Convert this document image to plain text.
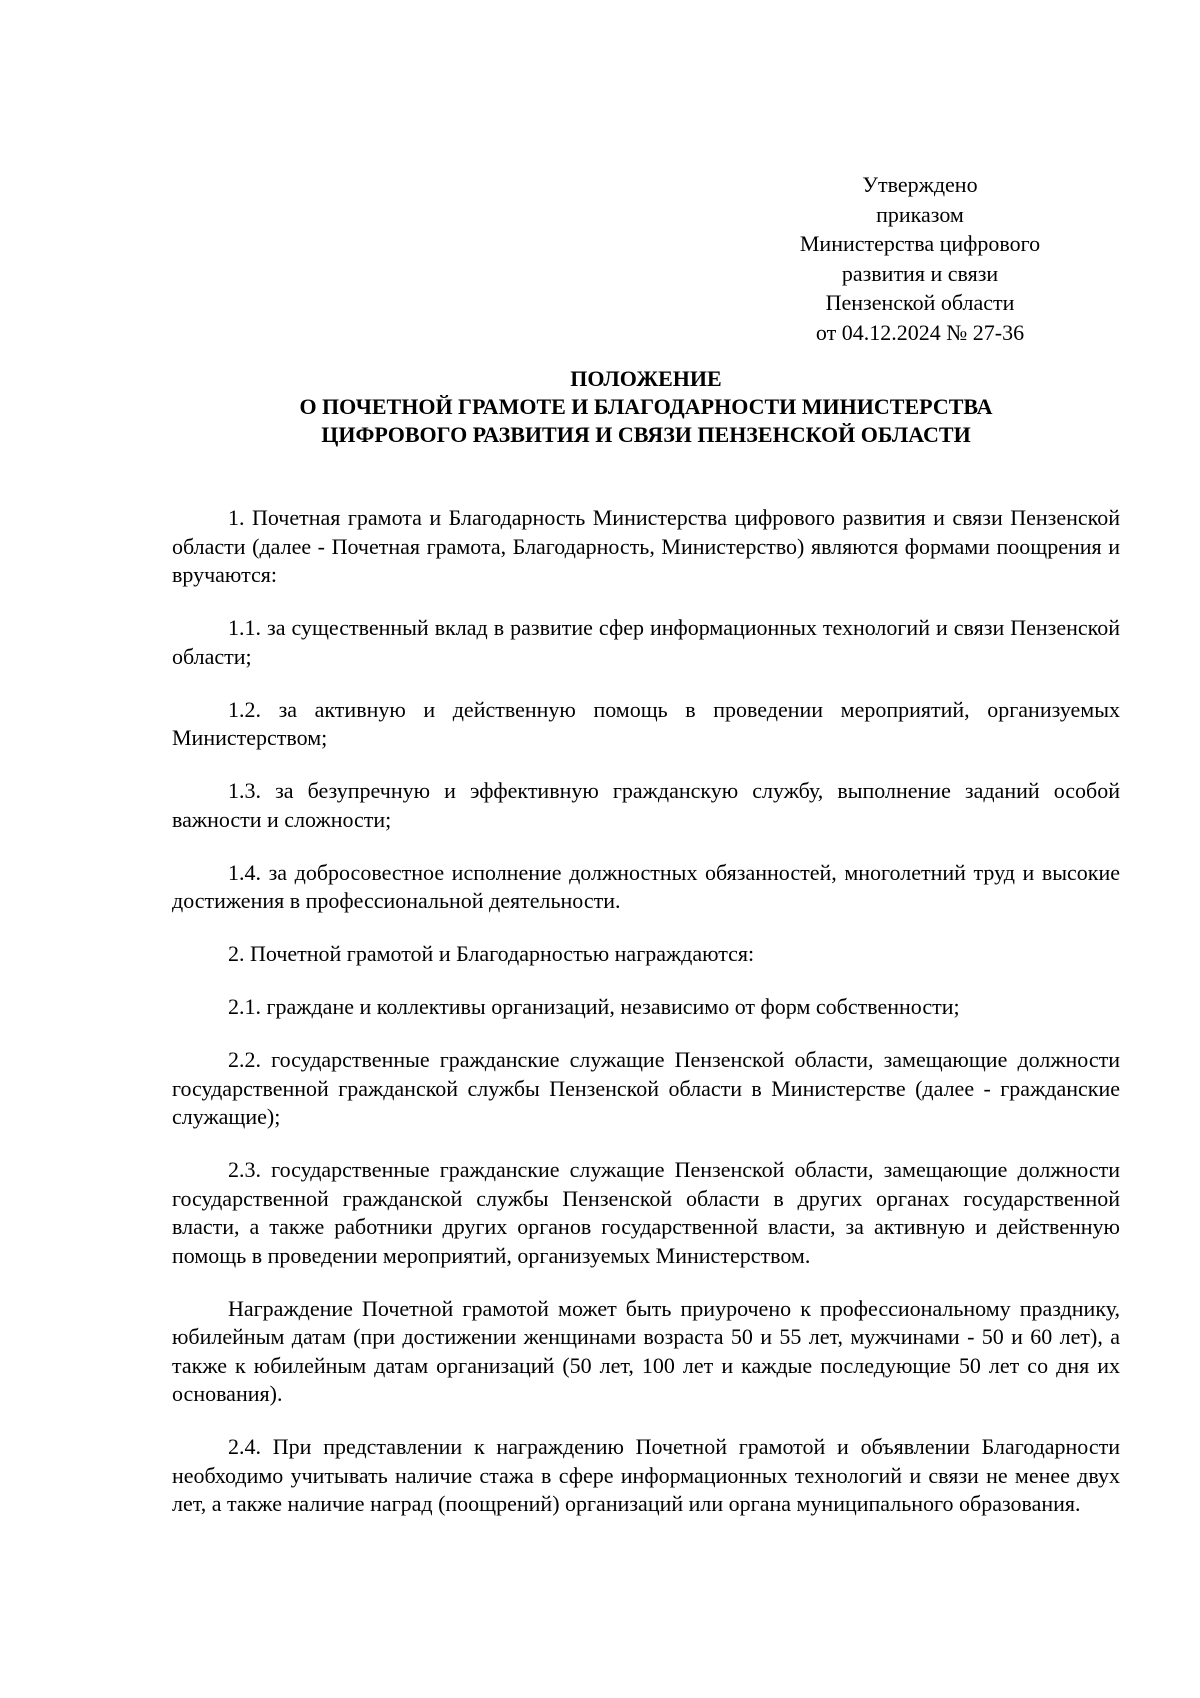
Утверждено
приказом
Министерства цифрового
развития и связи
Пензенской области
от 04.12.2024 № 27-36
ПОЛОЖЕНИЕ
О ПОЧЕТНОЙ ГРАМОТЕ И БЛАГОДАРНОСТИ МИНИСТЕРСТВА
ЦИФРОВОГО РАЗВИТИЯ И СВЯЗИ ПЕНЗЕНСКОЙ ОБЛАСТИ

1. Почетная грамота и Благодарность Министерства цифрового развития и связи Пензенской области (далее - Почетная грамота, Благодарность, Министерство) являются формами поощрения и вручаются:

1.1. за существенный вклад в развитие сфер информационных технологий и связи Пензенской области;

1.2. за активную и действенную помощь в проведении мероприятий, организуемых Министерством;

1.3. за безупречную и эффективную гражданскую службу, выполнение заданий особой важности и сложности;

1.4. за добросовестное исполнение должностных обязанностей, многолетний труд и высокие достижения в профессиональной деятельности.

2. Почетной грамотой и Благодарностью награждаются:

2.1. граждане и коллективы организаций, независимо от форм собственности;

2.2. государственные гражданские служащие Пензенской области, замещающие должности государственной гражданской службы Пензенской области в Министерстве (далее - гражданские служащие);

2.3. государственные гражданские служащие Пензенской области, замещающие должности государственной гражданской службы Пензенской области в других органах государственной власти, а также работники других органов государственной власти, за активную и действенную помощь в проведении мероприятий, организуемых Министерством.

Награждение Почетной грамотой может быть приурочено к профессиональному празднику, юбилейным датам (при достижении женщинами возраста 50 и 55 лет, мужчинами - 50 и 60 лет), а также к юбилейным датам организаций (50 лет, 100 лет и каждые последующие 50 лет со дня их основания).

2.4. При представлении к награждению Почетной грамотой и объявлении Благодарности необходимо учитывать наличие стажа в сфере информационных технологий и связи не менее двух лет, а также наличие наград (поощрений) организаций или органа муниципального образования.
